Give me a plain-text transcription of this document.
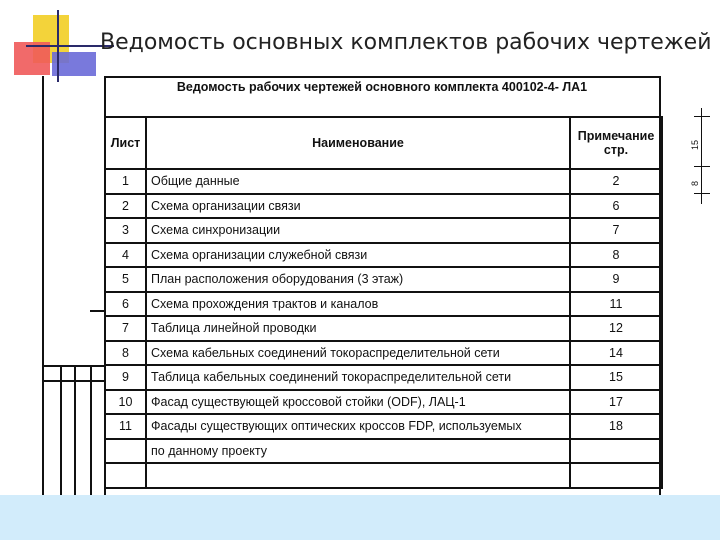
Ведомость основных комплектов рабочих чертежей
Ведомость рабочих чертежей основного комплекта 400102-4- ЛА1
Лист	Наименование	Примечание стр.
1	Общие данные	2
2	Схема организации связи	6
3	Схема синхронизации	7
4	Схема организации служебной связи	8
5	План расположения оборудования (3 этаж)	9
6	Схема прохождения трактов и каналов	11
7	Таблица линейной проводки	12
8	Схема кабельных соединений токораспределительной сети	14
9	Таблица кабельных соединений токораспределительной сети	15
10	Фасад существующей кроссовой стойки (ODF), ЛАЦ-1	17
11	Фасады существующих оптических кроссов FDP, используемых	18
	по данному проекту	

15
8
